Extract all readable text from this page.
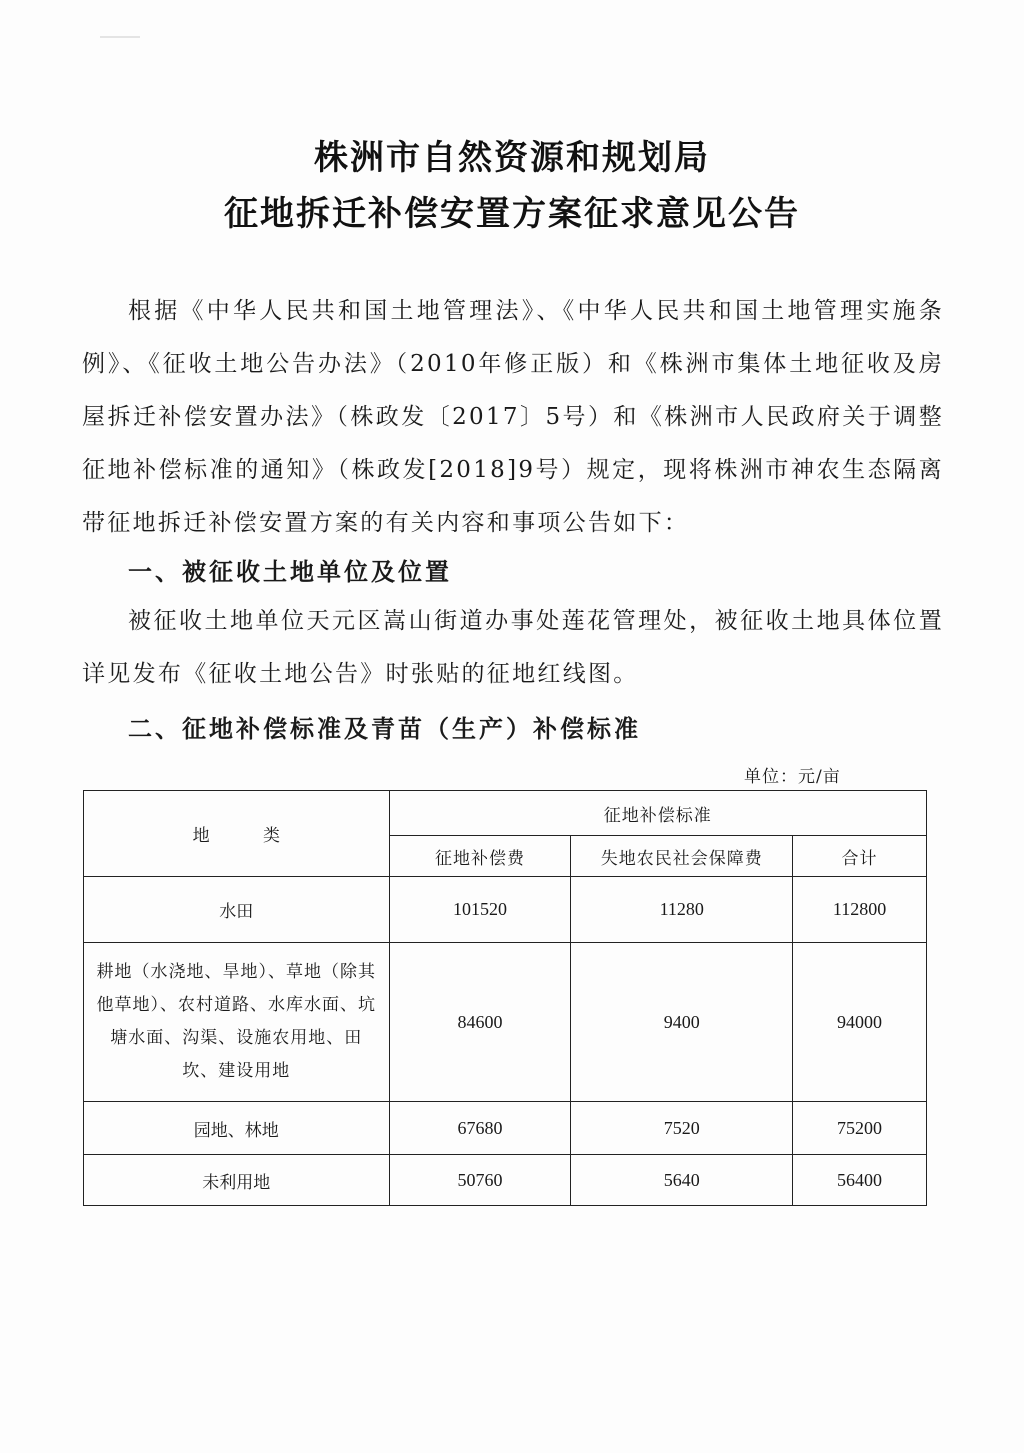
株洲市自然资源和规划局
征地拆迁补偿安置方案征求意见公告
根据《中华人民共和国土地管理法》、《中华人民共和国土地管理实施条例》、《征收土地公告办法》（2010年修正版）和《株洲市集体土地征收及房屋拆迁补偿安置办法》（株政发〔2017〕5号）和《株洲市人民政府关于调整征地补偿标准的通知》（株政发[2018]9号）规定，现将株洲市神农生态隔离带征地拆迁补偿安置方案的有关内容和事项公告如下：
一、被征收土地单位及位置
被征收土地单位天元区嵩山街道办事处莲花管理处，被征收土地具体位置详见发布《征收土地公告》时张贴的征地红线图。
二、征地补偿标准及青苗（生产）补偿标准
单位：元/亩
地 类	征地补偿标准		
	征地补偿费	失地农民社会保障费	合计
水田	101520	11280	112800

耕地（水浇地、旱地）、草地（除其他草地）、农村道路、水库水面、坑塘水面、沟渠、设施农用地、田坎、建设用地	84600	9400	94000
园地、林地	67680	7520	75200
未利用地	50760	5640	56400
